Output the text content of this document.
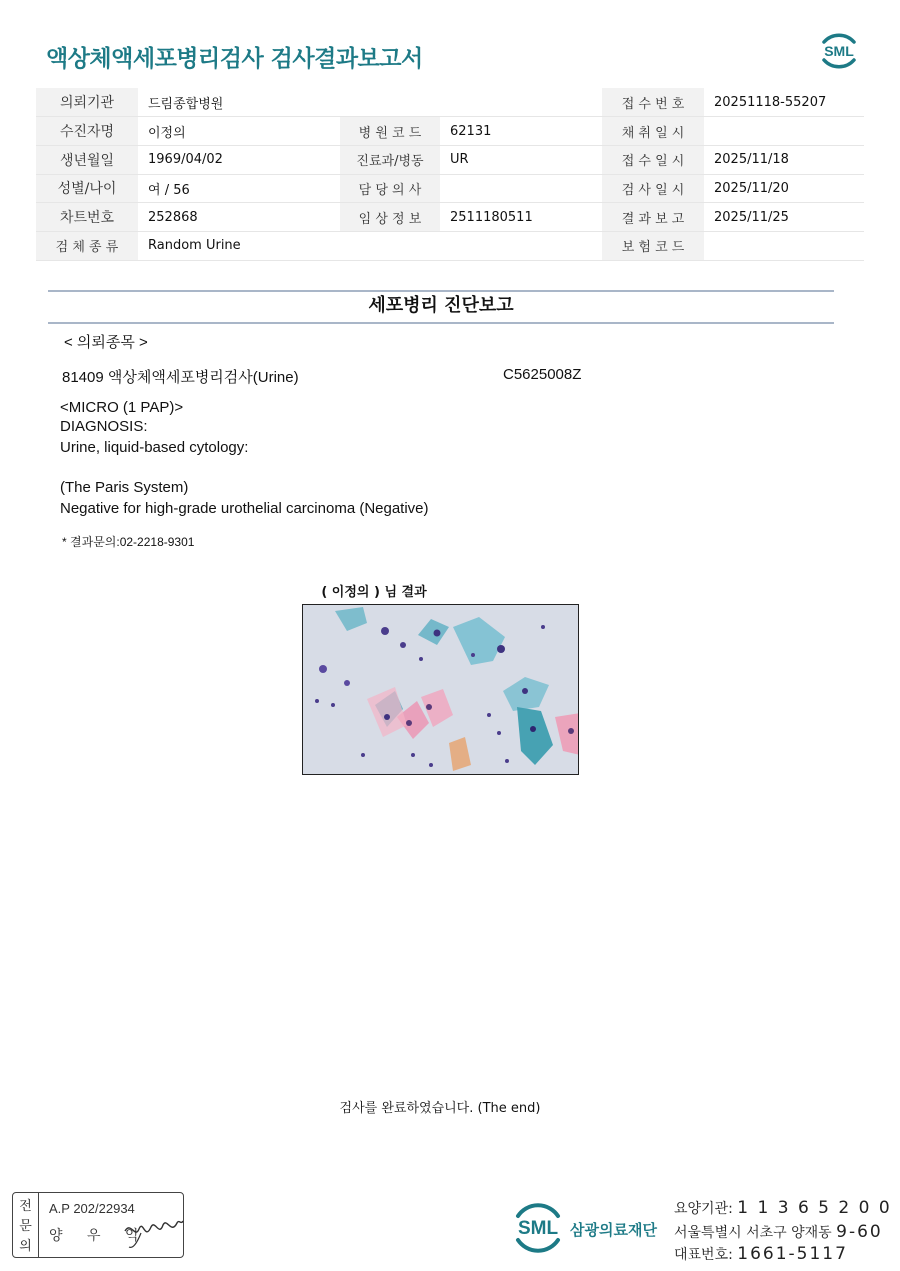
액상체액세포병리검사 검사결과보고서	SML
의뢰기관	드림종합병원			접 수 번 호	20251118-55207
수진자명	이정의	병 원 코 드	62131	채 취 일 시	
생년월일	1969/04/02	진료과/병동	UR	접 수 일 시	2025/11/18
성별/나이	여 / 56	담 당 의 사		검 사 일 시	2025/11/20
차트번호	252868	임 상 정 보	2511180511	결 과 보 고	2025/11/25
검 체 종 류	Random Urine			보 험 코 드	
세포병리 진단보고
< 의뢰종목 >
81409 액상체액세포병리검사(Urine)	C5625008Z
<MICRO (1 PAP)>
DIAGNOSIS:
Urine, liquid-based cytology:
(The Paris System)
Negative for high-grade urothelial carcinoma (Negative)
* 결과문의:02-2218-9301
( 이정의 ) 님 결과
검사를 완료하였습니다. (The end)
전
문
의
A.P 202/22934
양 우 익	SML 삼광의료재단
요양기관: 1 1 3 6 5 2 0 0
서울특별시 서초구 양재동 9-60
대표번호: 1661-5117
